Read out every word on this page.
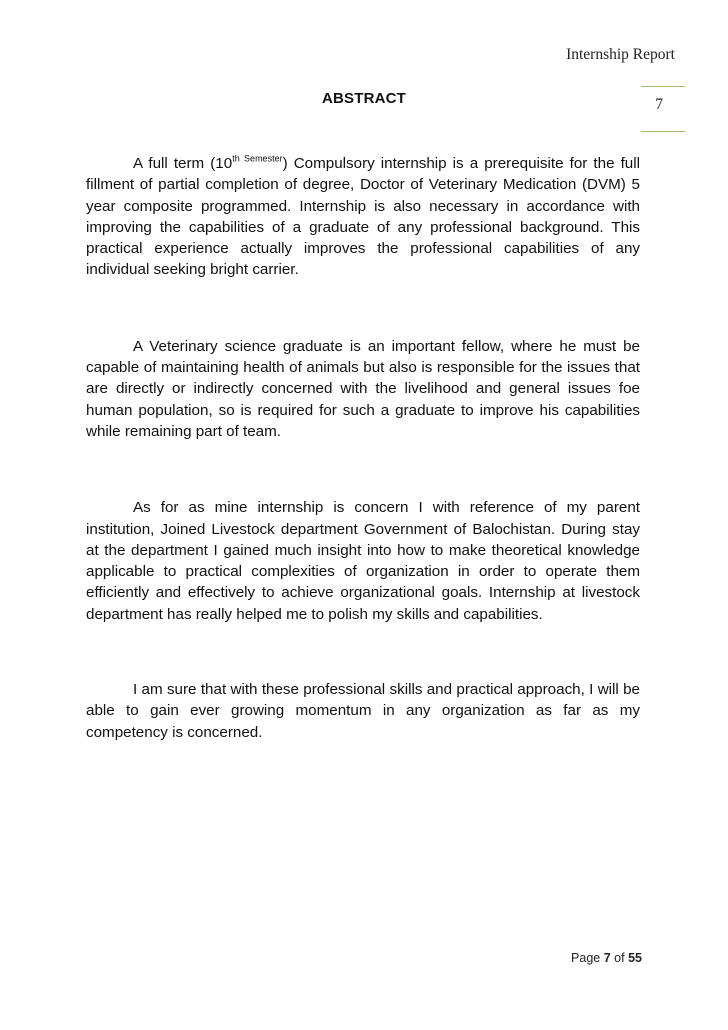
Internship Report
7
ABSTRACT

A full term $(10^{th Semester})$ Compulsory internship is a prerequisite for the full fillment of partial completion of degree, Doctor of Veterinary Medication (DVM) 5 year composite programmed. Internship is also necessary in accordance with improving the capabilities of a graduate of any professional background. This practical experience actually improves the professional capabilities of any individual seeking bright carrier.

A Veterinary science graduate is an important fellow, where he must be capable of maintaining health of animals but also is responsible for the issues that are directly or indirectly concerned with the livelihood and general issues foe human population, so is required for such a graduate to improve his capabilities while remaining part of team.

As for as mine internship is concern I with reference of my parent institution, Joined Livestock department Government of Balochistan. During stay at the department I gained much insight into how to make theoretical knowledge applicable to practical complexities of organization in order to operate them efficiently and effectively to achieve organizational goals. Internship at livestock department has really helped me to polish my skills and capabilities.

I am sure that with these professional skills and practical approach, I will be able to gain ever growing momentum in any organization as far as my competency is concerned.

Page 7 of 55
